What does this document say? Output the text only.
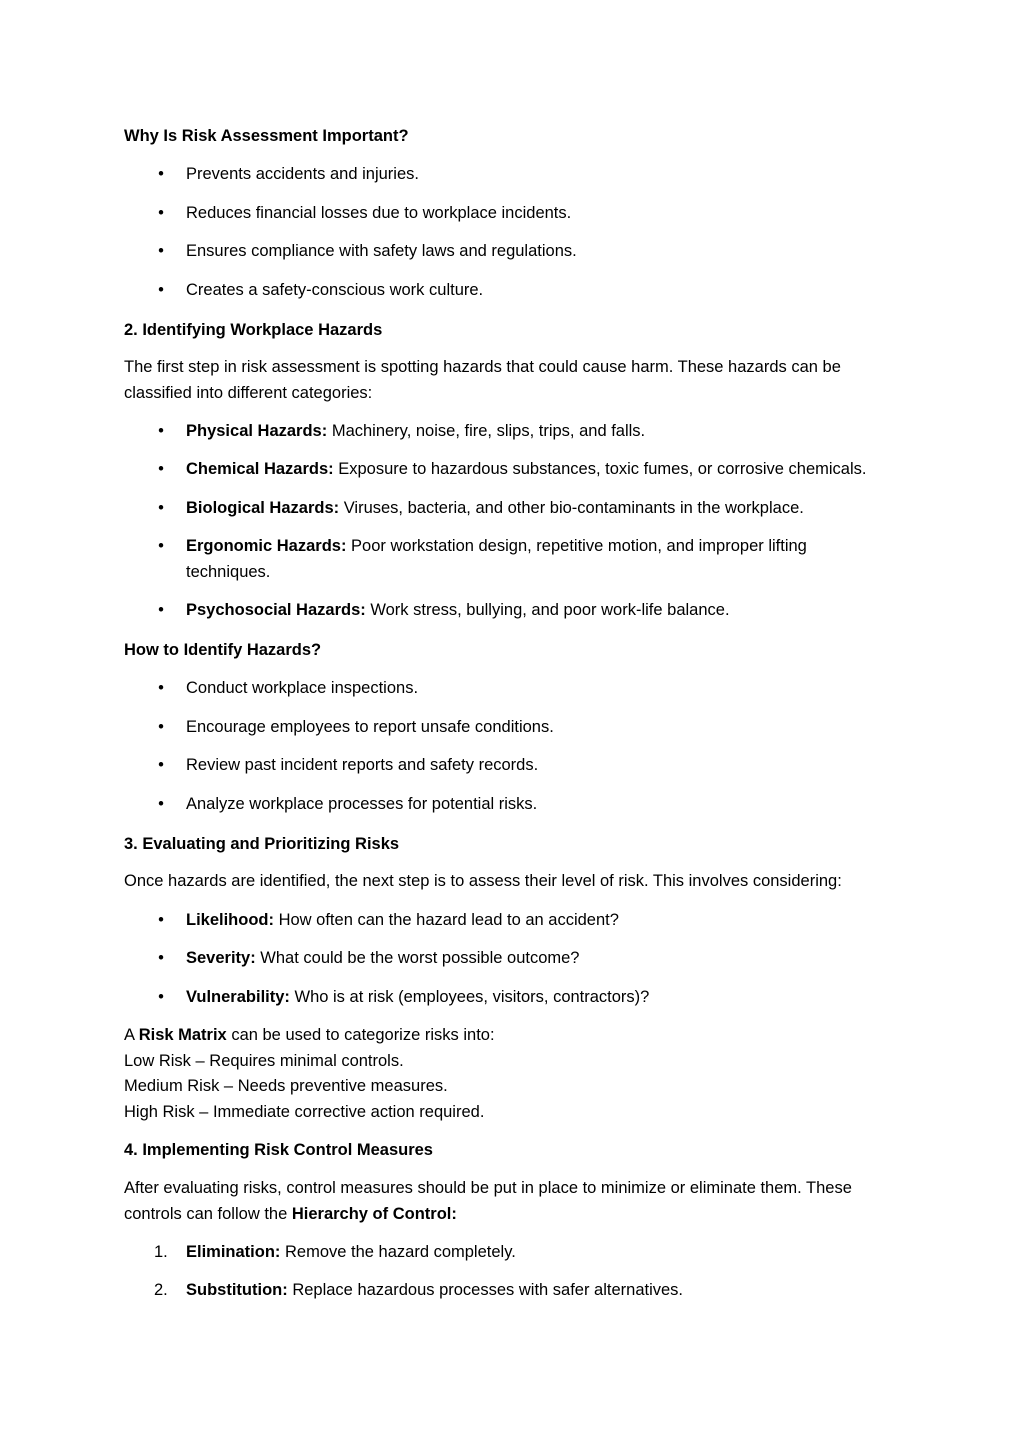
Why Is Risk Assessment Important?
• Prevents accidents and injuries.
• Reduces financial losses due to workplace incidents.
• Ensures compliance with safety laws and regulations.
• Creates a safety-conscious work culture.
2. Identifying Workplace Hazards
The first step in risk assessment is spotting hazards that could cause harm. These hazards can be classified into different categories:
• Physical Hazards: Machinery, noise, fire, slips, trips, and falls.
• Chemical Hazards: Exposure to hazardous substances, toxic fumes, or corrosive chemicals.
• Biological Hazards: Viruses, bacteria, and other bio-contaminants in the workplace.
• Ergonomic Hazards: Poor workstation design, repetitive motion, and improper lifting techniques.
• Psychosocial Hazards: Work stress, bullying, and poor work-life balance.
How to Identify Hazards?
• Conduct workplace inspections.
• Encourage employees to report unsafe conditions.
• Review past incident reports and safety records.
• Analyze workplace processes for potential risks.
3. Evaluating and Prioritizing Risks
Once hazards are identified, the next step is to assess their level of risk. This involves considering:
• Likelihood: How often can the hazard lead to an accident?
• Severity: What could be the worst possible outcome?
• Vulnerability: Who is at risk (employees, visitors, contractors)?
A Risk Matrix can be used to categorize risks into:
Low Risk – Requires minimal controls.
Medium Risk – Needs preventive measures.
High Risk – Immediate corrective action required.
4. Implementing Risk Control Measures
After evaluating risks, control measures should be put in place to minimize or eliminate them. These controls can follow the Hierarchy of Control:
1. Elimination: Remove the hazard completely.
2. Substitution: Replace hazardous processes with safer alternatives.
